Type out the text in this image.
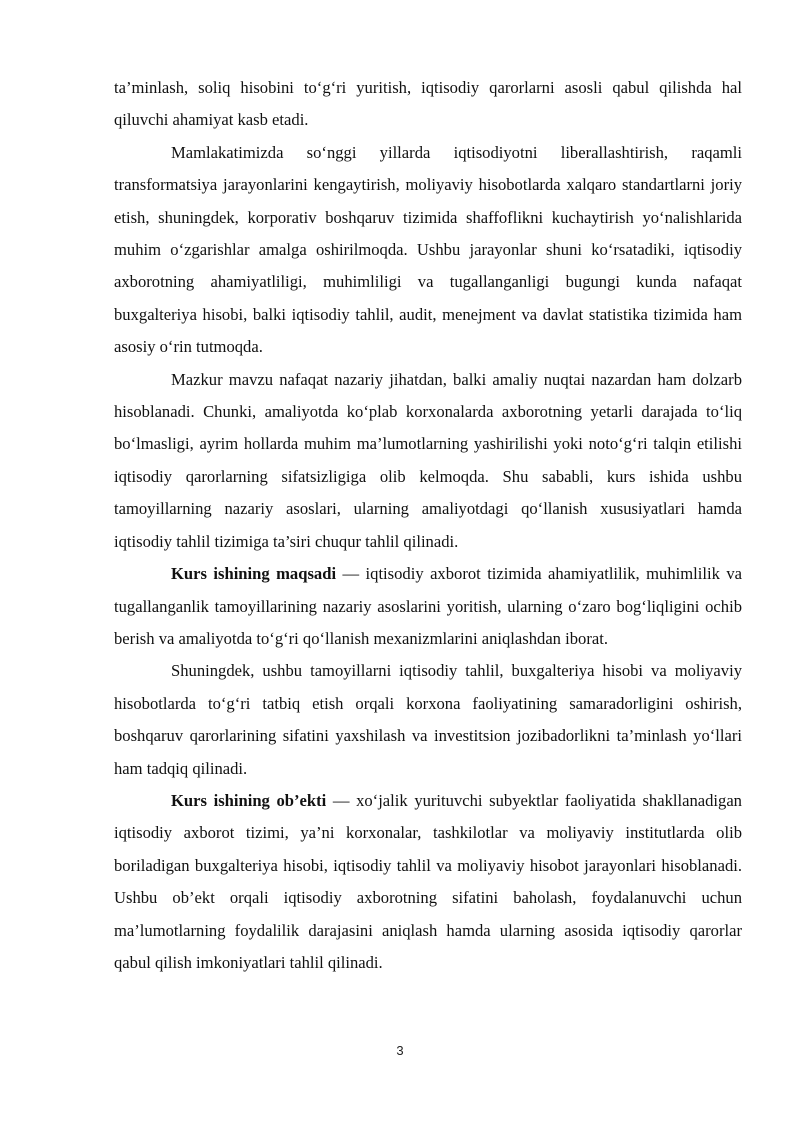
ta’minlash, soliq hisobini to‘g‘ri yuritish, iqtisodiy qarorlarni asosli qabul qilishda hal qiluvchi ahamiyat kasb etadi.

Mamlakatimizda so‘nggi yillarda iqtisodiyotni liberallashtirish, raqamli transformatsiya jarayonlarini kengaytirish, moliyaviy hisobotlarda xalqaro standartlarni joriy etish, shuningdek, korporativ boshqaruv tizimida shaffoflikni kuchaytirish yo‘nalishlarida muhim o‘zgarishlar amalga oshirilmoqda. Ushbu jarayonlar shuni ko‘rsatadiki, iqtisodiy axborotning ahamiyatliligi, muhimliligi va tugallanganligi bugungi kunda nafaqat buxgalteriya hisobi, balki iqtisodiy tahlil, audit, menejment va davlat statistika tizimida ham asosiy o‘rin tutmoqda.

Mazkur mavzu nafaqat nazariy jihatdan, balki amaliy nuqtai nazardan ham dolzarb hisoblanadi. Chunki, amaliyotda ko‘plab korxonalarda axborotning yetarli darajada to‘liq bo‘lmasligi, ayrim hollarda muhim ma’lumotlarning yashirilishi yoki noto‘g‘ri talqin etilishi iqtisodiy qarorlarning sifatsizligiga olib kelmoqda. Shu sababli, kurs ishida ushbu tamoyillarning nazariy asoslari, ularning amaliyotdagi qo‘llanish xususiyatlari hamda iqtisodiy tahlil tizimiga ta’siri chuqur tahlil qilinadi.

Kurs ishining maqsadi — iqtisodiy axborot tizimida ahamiyatlilik, muhimlilik va tugallanganlik tamoyillarining nazariy asoslarini yoritish, ularning o‘zaro bog‘liqligini ochib berish va amaliyotda to‘g‘ri qo‘llanish mexanizmlarini aniqlashdan iborat.

Shuningdek, ushbu tamoyillarni iqtisodiy tahlil, buxgalteriya hisobi va moliyaviy hisobotlarda to‘g‘ri tatbiq etish orqali korxona faoliyatining samaradorligini oshirish, boshqaruv qarorlarining sifatini yaxshilash va investitsion jozibadorlikni ta’minlash yo‘llari ham tadqiq qilinadi.

Kurs ishining ob’ekti — xo‘jalik yurituvchi subyektlar faoliyatida shakllanadigan iqtisodiy axborot tizimi, ya’ni korxonalar, tashkilotlar va moliyaviy institutlarda olib boriladigan buxgalteriya hisobi, iqtisodiy tahlil va moliyaviy hisobot jarayonlari hisoblanadi. Ushbu ob’ekt orqali iqtisodiy axborotning sifatini baholash, foydalanuvchi uchun ma’lumotlarning foydalilik darajasini aniqlash hamda ularning asosida iqtisodiy qarorlar qabul qilish imkoniyatlari tahlil qilinadi.

3
